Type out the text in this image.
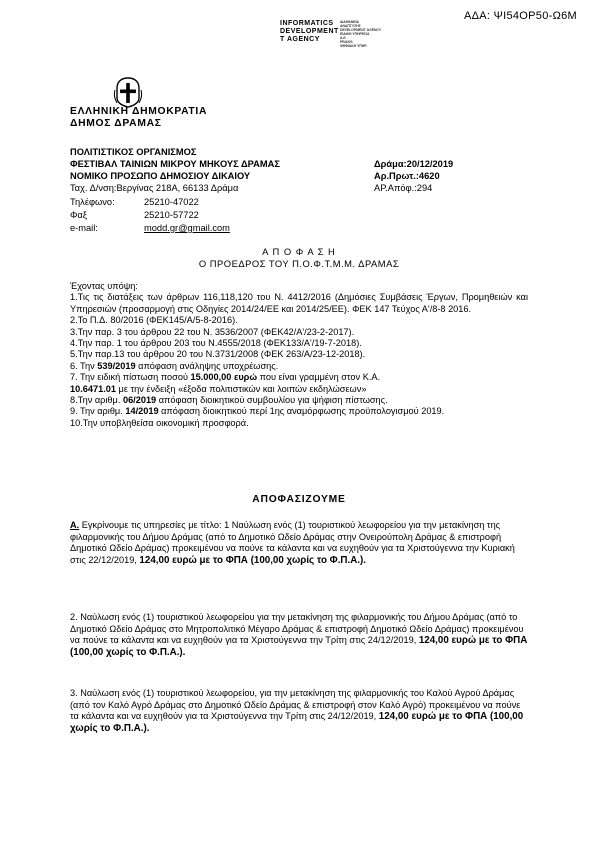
ΑΔΑ: ΨΙ54ΟΡ50-Ω6Μ
INFORMATICS
DEVELOPMENT
T AGENCY
ΔΙΑΦΑΝΕΙΑ
ΑΝΑΠΤΥΞΗΣ
DEVELOPMENT AGENCY
ΕΙΔΙΚΗ ΥΠΗΡΕΣΙΑ
Δ.Ε.
PRAXIS
ΨΗΦΙΑΚΗ ΥΠΗΡ.
ΕΛΛΗΝΙΚΗ ΔΗΜΟΚΡΑΤΙΑ
ΔΗΜΟΣ ΔΡΑΜΑΣ
ΠΟΛΙΤΙΣΤΙΚΟΣ ΟΡΓΑΝΙΣΜΟΣ
ΦΕΣΤΙΒΑΛ ΤΑΙΝΙΩΝ ΜΙΚΡΟΥ ΜΗΚΟΥΣ ΔΡΑΜΑΣ
ΝΟΜΙΚΟ ΠΡΟΣΩΠΟ ΔΗΜΟΣΙΟΥ ΔΙΚΑΙΟΥ
Δράμα:20/12/2019
Αρ.Πρωτ.:4620
ΑΡ.Απόφ.:294
Ταχ. Δ/νση:Βεργίνας 218Α, 66133 Δράμα
Τηλέφωνο:	25210-47022
Φαξ	25210-57722
e-mail:	modd.gr@gmail.com
Α Π Ο Φ Α Σ Η
Ο ΠΡΟΕΔΡΟΣ ΤΟΥ Π.Ο.Φ.Τ.Μ.Μ. ΔΡΑΜΑΣ

Έχοντας υπόψη:

1.Τις τις διατάξεις των άρθρων 116,118,120 του Ν. 4412/2016 (Δημόσιες Συμβάσεις Έργων, Προμηθειών και Υπηρεσιών (προσαρμογή στις Οδηγίες 2014/24/ΕΕ και 2014/25/ΕΕ). ΦΕΚ 147 Τεύχος Α'/8-8 2016.

2.Το Π.Δ. 80/2016 (ΦΕΚ145/Α/5-8-2016).

3.Την παρ. 3 του άρθρου 22 του Ν. 3536/2007 (ΦΕΚ42/Α'/23-2-2017).

4.Την παρ. 1 του άρθρου 203 του Ν.4555/2018 (ΦΕΚ133/Α'/19-7-2018).

5.Την παρ.13 του άρθρου 20 του Ν.3731/2008 (ΦΕΚ 263/Α/23-12-2018).

6. Την 539/2019 απόφαση ανάληψης υποχρέωσης.

7. Την ειδική πίστωση ποσού 15.000,00 ευρώ που είναι γραμμένη στον Κ.Α.
10.6471.01 με την ένδειξη «έξοδα πολιτιστικών και λοιπών εκδηλώσεων»

8.Την αριθμ. 06/2019 απόφαση διοικητικού συμβουλίου για ψήφιση πίστωσης.

9. Την αριθμ. 14/2019 απόφαση διοικητικού περί 1ης αναμόρφωσης προϋπολογισμού 2019.

10.Την υποβληθείσα οικονομική προσφορά.

ΑΠΟΦΑΣΙΖΟΥΜΕ

Α. Εγκρίνουμε τις υπηρεσίες με τίτλο: 1 Ναύλωση ενός (1) τουριστικού λεωφορείου για την μετακίνηση της φιλαρμονικής του Δήμου Δράμας (από το Δημοτικό Ωδείο Δράμας στην Ονειρούπολη Δράμας & επιστροφή Δημοτικό Ωδείο Δράμας) προκειμένου να πούνε τα κάλαντα και να ευχηθούν για τα Χριστούγεννα την Κυριακή στις 22/12/2019, 124,00 ευρώ με το ΦΠΑ (100,00 χωρίς το Φ.Π.Α.).

2. Ναύλωση ενός (1) τουριστικού λεωφορείου για την μετακίνηση της φιλαρμονικής του Δήμου Δράμας (από το Δημοτικό Ωδείο Δράμας στο Μητροπολιτικό Μέγαρο Δράμας & επιστροφή Δημοτικό Ωδείο Δράμας) προκειμένου να πούνε τα κάλαντα και να ευχηθούν για τα Χριστούγεννα την Τρίτη στις 24/12/2019, 124,00 ευρώ με το ΦΠΑ (100,00 χωρίς το Φ.Π.Α.).

3. Ναύλωση ενός (1) τουριστικού λεωφορείου, για την μετακίνηση της φιλαρμονικής του Καλού Αγρού Δράμας (από τον Καλό Αγρό Δράμας στο Δημοτικό Ωδείο Δράμας & επιστροφή στον Καλό Αγρό) προκειμένου να πούνε τα κάλαντα και να ευχηθούν για τα Χριστούγεννα την Τρίτη στις 24/12/2019, 124,00 ευρώ με το ΦΠΑ (100,00 χωρίς το Φ.Π.Α.).
